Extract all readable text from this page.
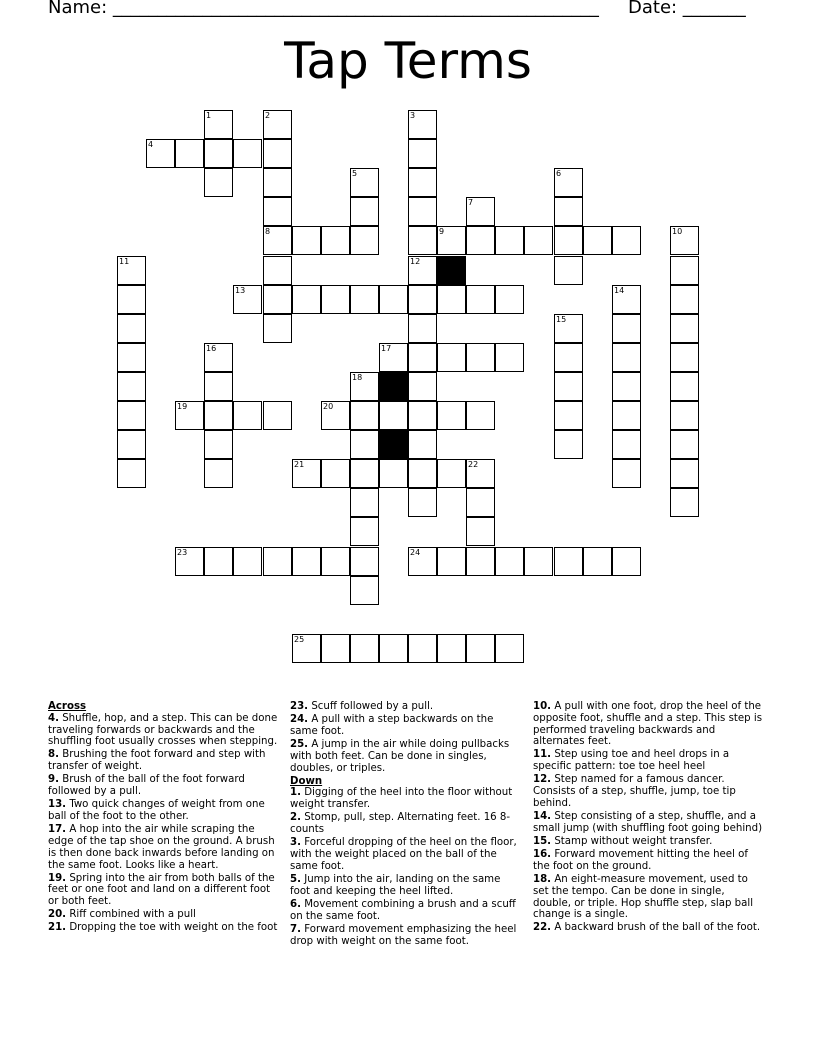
Name: ______________________________________________________ Date: _______
Tap Terms
4
8	9
13
17
19	20
21
23	24
25
1	2	3
5	6
7
10
11	12
14
15
16
18
22
Across
4. Shuffle, hop, and a step. This can be done traveling forwards or backwards and the shuffling foot usually crosses when stepping.
8. Brushing the foot forward and step with transfer of weight.
9. Brush of the ball of the foot forward followed by a pull.
13. Two quick changes of weight from one ball of the foot to the other.
17. A hop into the air while scraping the edge of the tap shoe on the ground. A brush is then done back inwards before landing on the same foot. Looks like a heart.
19. Spring into the air from both balls of the feet or one foot and land on a different foot or both feet.
20. Riff combined with a pull
21. Dropping the toe with weight on the foot
23. Scuff followed by a pull.
24. A pull with a step backwards on the same foot.
25. A jump in the air while doing pullbacks with both feet. Can be done in singles, doubles, or triples.
Down
1. Digging of the heel into the floor without weight transfer.
2. Stomp, pull, step. Alternating feet. 16 8-counts
3. Forceful dropping of the heel on the floor, with the weight placed on the ball of the same foot.
5. Jump into the air, landing on the same foot and keeping the heel lifted.
6. Movement combining a brush and a scuff on the same foot.
7. Forward movement emphasizing the heel drop with weight on the same foot.
10. A pull with one foot, drop the heel of the opposite foot, shuffle and a step. This step is performed traveling backwards and alternates feet.
11. Step using toe and heel drops in a specific pattern: toe toe heel heel
12. Step named for a famous dancer. Consists of a step, shuffle, jump, toe tip behind.
14. Step consisting of a step, shuffle, and a small jump (with shuffling foot going behind)
15. Stamp without weight transfer.
16. Forward movement hitting the heel of the foot on the ground.
18. An eight-measure movement, used to set the tempo. Can be done in single, double, or triple. Hop shuffle step, slap ball change is a single.
22. A backward brush of the ball of the foot.
